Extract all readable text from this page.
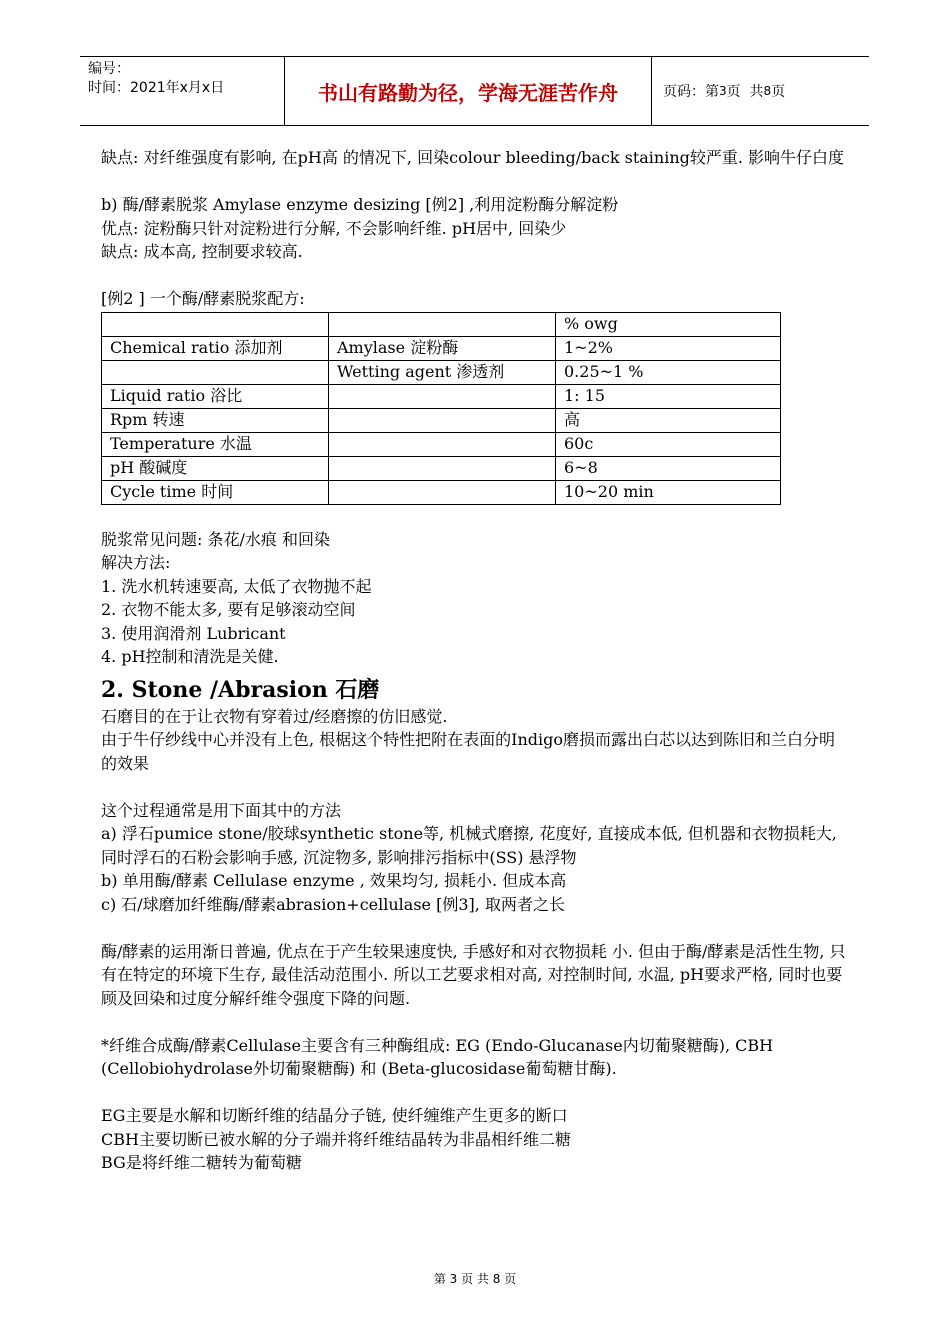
编号：
时间：2021年x月x日	书山有路勤为径，学海无涯苦作舟	页码：第 3 页  共 8 页

缺点: 对纤维强度有影响, 在pH高 的情况下, 回染colour bleeding/back staining较严重. 影响牛仔白度

b) 酶/酵素脱浆 Amylase enzyme desizing [例2] ,利用淀粉酶分解淀粉

优点: 淀粉酶只针对淀粉进行分解, 不会影响纤维. pH居中, 回染少

缺点: 成本高, 控制要求较高.

[例2 ] 一个酶/酵素脱浆配方:

		% owg
Chemical ratio 添加剂	Amylase 淀粉酶	1~2%
	Wetting agent 渗透剂	0.25~1 %
Liquid ratio 浴比		1: 15
Rpm 转速		高
Temperature 水温		60c
pH 酸碱度		6~8
Cycle time 时间		10~20 min

脱浆常见问题: 条花/水痕 和回染

解决方法:

1. 洗水机转速要高, 太低了衣物抛不起

2. 衣物不能太多, 要有足够滚动空间

3. 使用润滑剂 Lubricant

4. pH控制和清洗是关健.

2. Stone /Abrasion 石磨

石磨目的在于让衣物有穿着过/经磨擦的仿旧感觉.

由于牛仔纱线中心并没有上色, 根椐这个特性把附在表面的Indigo磨损而露出白芯以达到陈旧和兰白分明的效果

这个过程通常是用下面其中的方法

a) 浮石pumice stone/胶球synthetic stone等, 机械式磨擦, 花度好, 直接成本低, 但机器和衣物损耗大, 同时浮石的石粉会影响手感, 沉淀物多, 影响排污指标中(SS) 悬浮物

b) 单用酶/酵素 Cellulase enzyme , 效果均匀, 损耗小. 但成本高

c) 石/球磨加纤维酶/酵素abrasion+cellulase [例3], 取两者之长

酶/酵素的运用渐日普遍, 优点在于产生较果速度快, 手感好和对衣物损耗 小. 但由于酶/酵素是活性生物, 只有在特定的环境下生存, 最佳活动范围小. 所以工艺要求相对高, 对控制时间, 水温, pH要求严格, 同时也要顾及回染和过度分解纤维令强度下降的问题.

*纤维合成酶/酵素Cellulase主要含有三种酶组成: EG (Endo-Glucanase内切葡聚糖酶), CBH (Cellobiohydrolase外切葡聚糖酶) 和 (Beta-glucosidase葡萄糖甘酶).

EG主要是水解和切断纤维的结晶分子链, 使纤缠维产生更多的断口

CBH主要切断已被水解的分子端并将纤维结晶转为非晶相纤维二糖

BG是将纤维二糖转为葡萄糖

第 3 页 共 8 页
